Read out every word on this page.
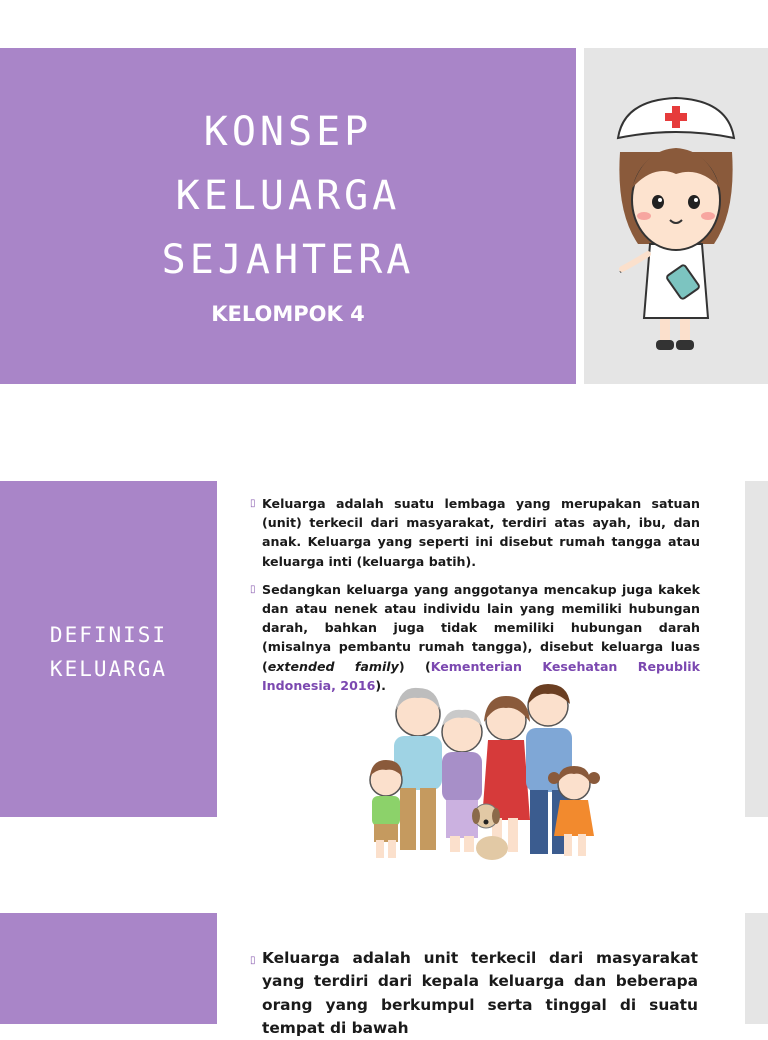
KONSEP
KELUARGA
SEJAHTERA
KELOMPOK 4
DEFINISI
KELUARGA
▯ Keluarga adalah suatu lembaga yang merupakan satuan (unit) terkecil dari masyarakat, terdiri atas ayah, ibu, dan anak. Keluarga yang seperti ini disebut rumah tangga atau keluarga inti (keluarga batih).
▯ Sedangkan keluarga yang anggotanya mencakup juga kakek dan atau nenek atau individu lain yang memiliki hubungan darah, bahkan juga tidak memiliki hubungan darah (misalnya pembantu rumah tangga), disebut keluarga luas (extended family) (Kementerian Kesehatan Republik Indonesia, 2016).
▯ Keluarga adalah unit terkecil dari masyarakat yang terdiri dari kepala keluarga dan beberapa orang yang berkumpul serta tinggal di suatu tempat di bawah
